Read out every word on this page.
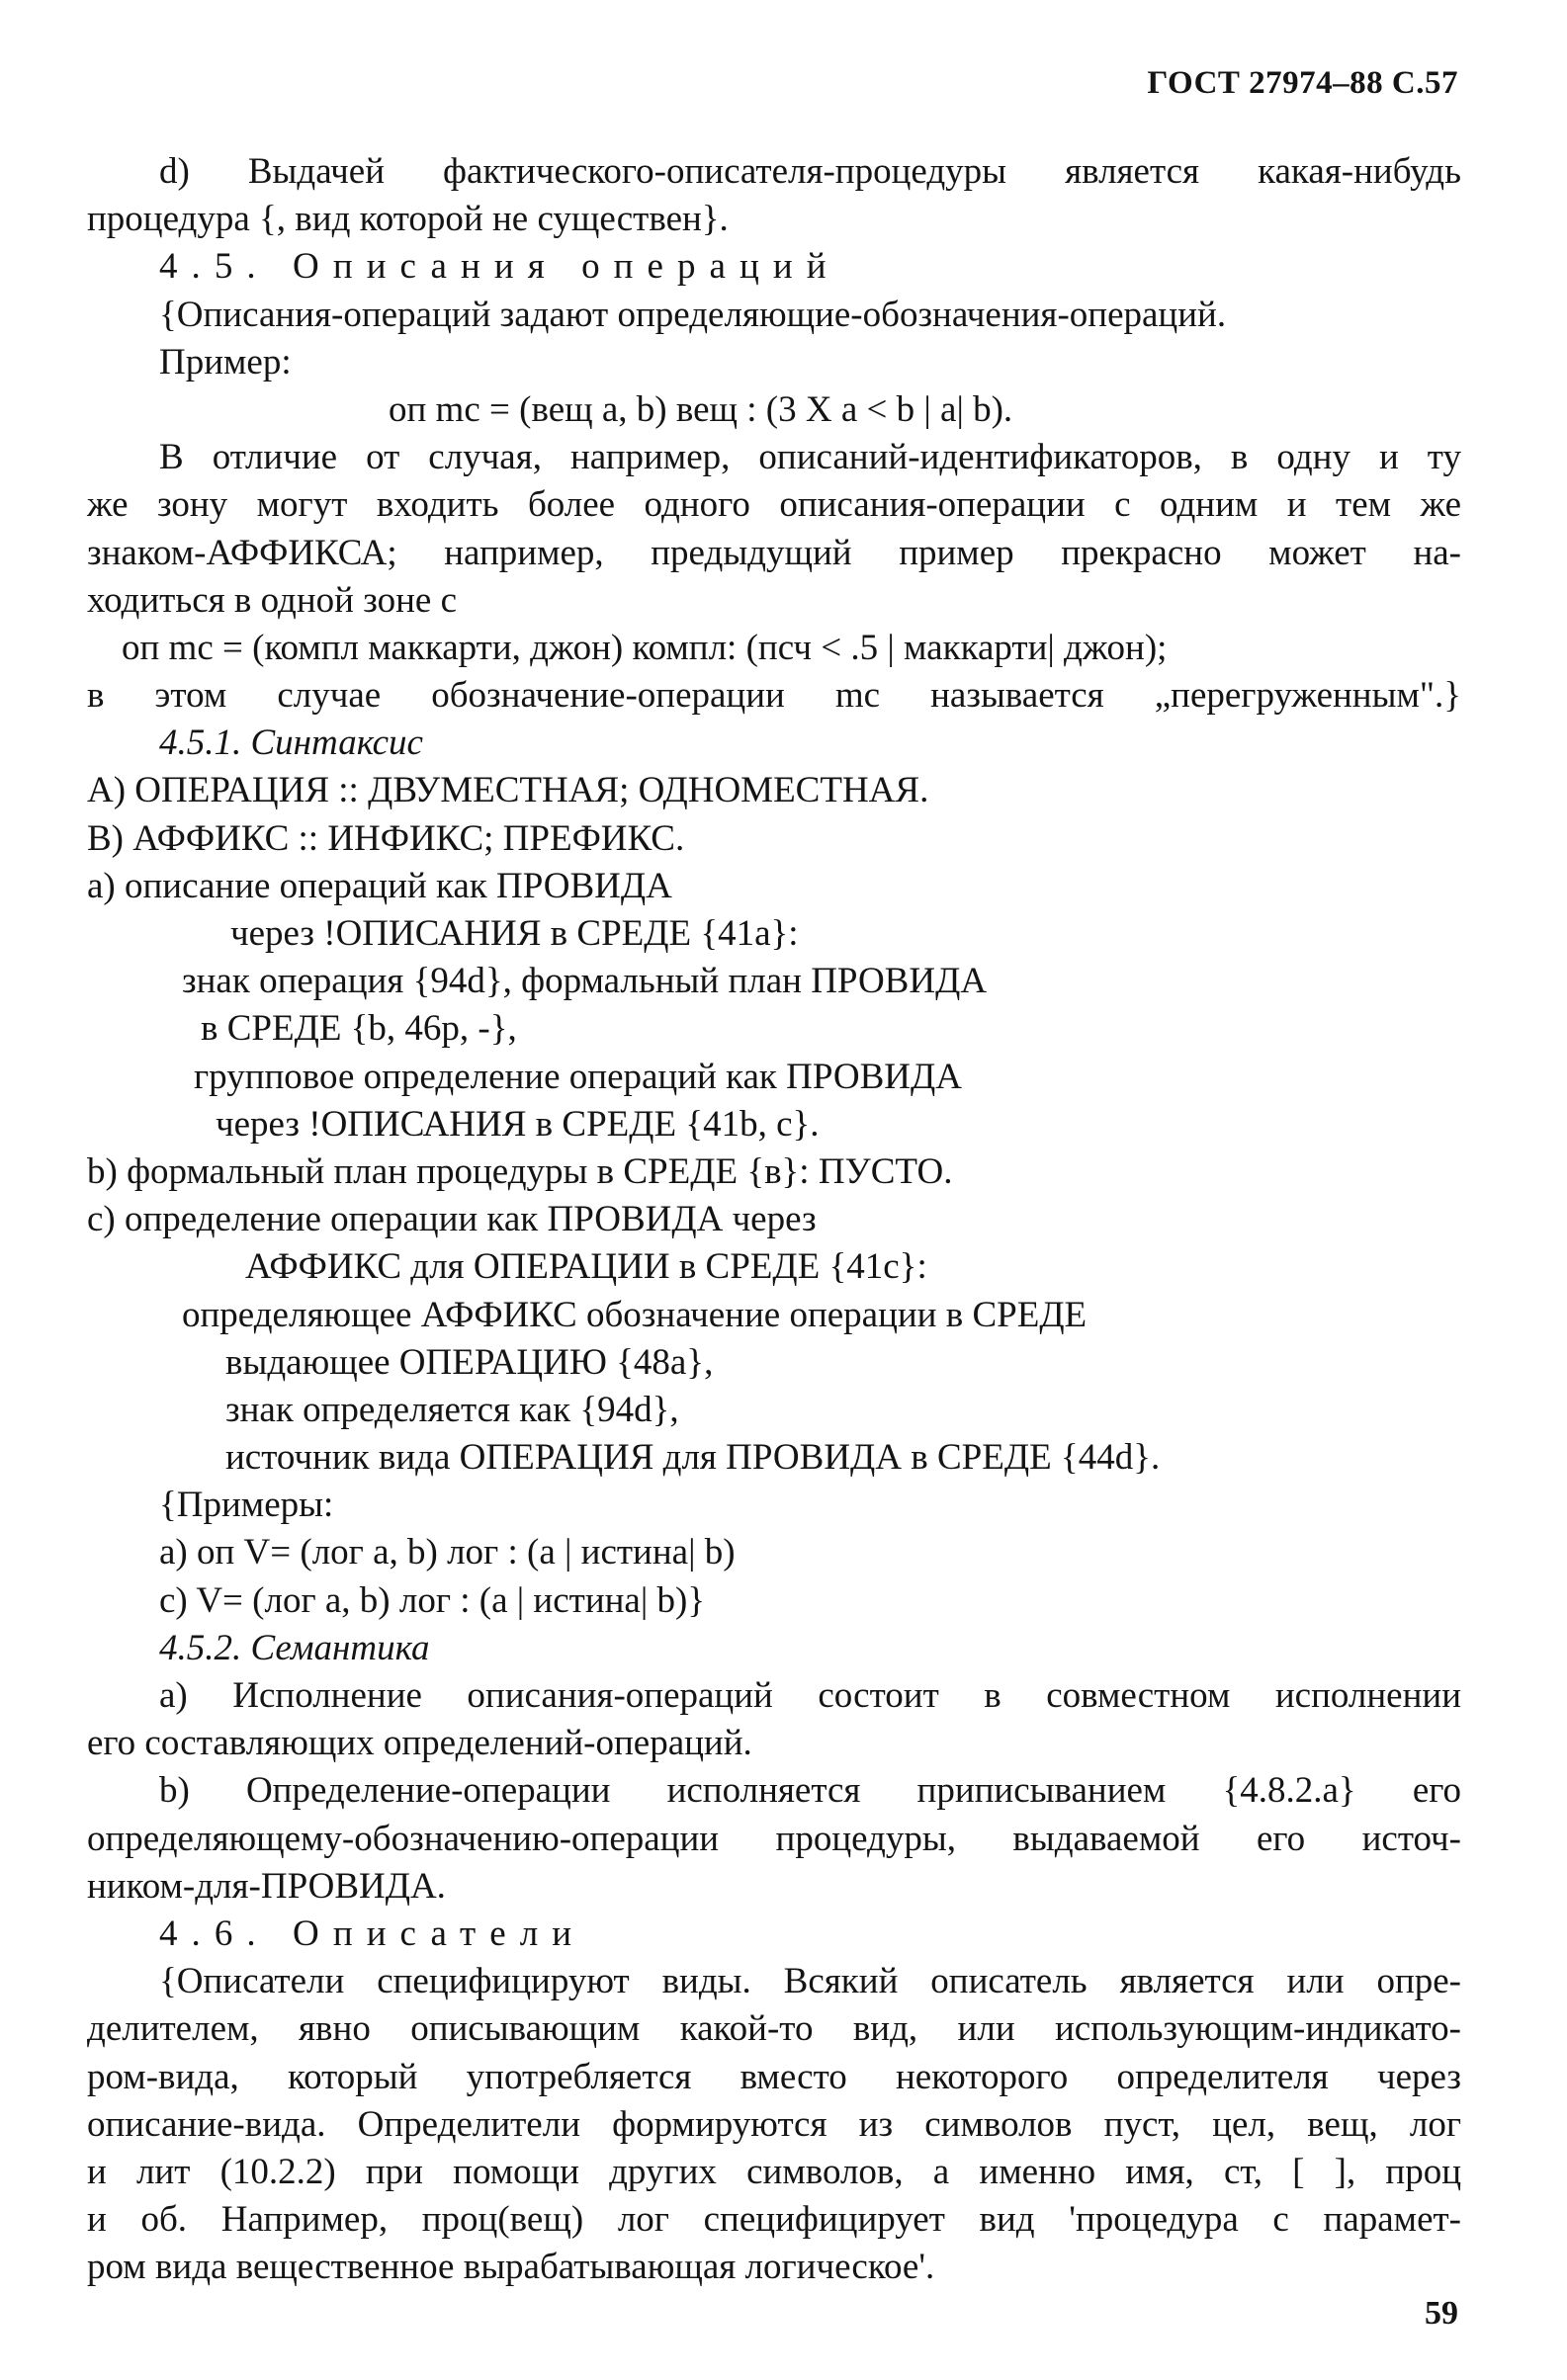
ГОСТ 27974–88 С.57
d) Выдачей фактического-описателя-процедуры является какая-нибудь
процедура {, вид которой не существен}.
4.5. Описания операций
{Описания-операций задают определяющие-обозначения-операций.
Пример:
оп mc = (вещ a, b) вещ : (3 X a < b | a| b).
В отличие от случая, например, описаний-идентификаторов, в одну и ту
же зону могут входить более одного описания-операции с одним и тем же
знаком-АФФИКСА; например, предыдущий пример прекрасно может на-
ходиться в одной зоне с
оп mc = (компл маккарти, джон) компл: (псч < .5 | маккарти| джон);
в этом случае обозначение-операции mc называется „перегруженным".}
4.5.1. Синтаксис
A) ОПЕРАЦИЯ :: ДВУМЕСТНАЯ; ОДНОМЕСТНАЯ.
B) АФФИКС :: ИНФИКС; ПРЕФИКС.
a) описание операций как ПРОВИДА
через !ОПИСАНИЯ в СРЕДЕ {41a}:
знак операция {94d}, формальный план ПРОВИДА
в СРЕДЕ {b, 46p, -},
групповое определение операций как ПРОВИДА
через !ОПИСАНИЯ в СРЕДЕ {41b, c}.
b) формальный план процедуры в СРЕДЕ {в}: ПУСТО.
c) определение операции как ПРОВИДА через
АФФИКС для ОПЕРАЦИИ в СРЕДЕ {41c}:
определяющее АФФИКС обозначение операции в СРЕДЕ
выдающее ОПЕРАЦИЮ {48a},
знак определяется как {94d},
источник вида ОПЕРАЦИЯ для ПРОВИДА в СРЕДЕ {44d}.
{Примеры:
a) оп V= (лог a, b) лог : (a | истина| b)
c) V= (лог a, b) лог : (a | истина| b)}
4.5.2. Семантика
a) Исполнение описания-операций состоит в совместном исполнении
его составляющих определений-операций.
b) Определение-операции исполняется приписыванием {4.8.2.a} его
определяющему-обозначению-операции процедуры, выдаваемой его источ-
ником-для-ПРОВИДА.
4.6. Описатели
{Описатели специфицируют виды. Всякий описатель является или опре-
делителем, явно описывающим какой-то вид, или использующим-индикато-
ром-вида, который употребляется вместо некоторого определителя через
описание-вида. Определители формируются из символов пуст, цел, вещ, лог
и лит (10.2.2) при помощи других символов, а именно имя, ст, [ ], проц
и об. Например, проц(вещ) лог специфицирует вид 'процедура с парамет-
ром вида вещественное вырабатывающая логическое'.
59
